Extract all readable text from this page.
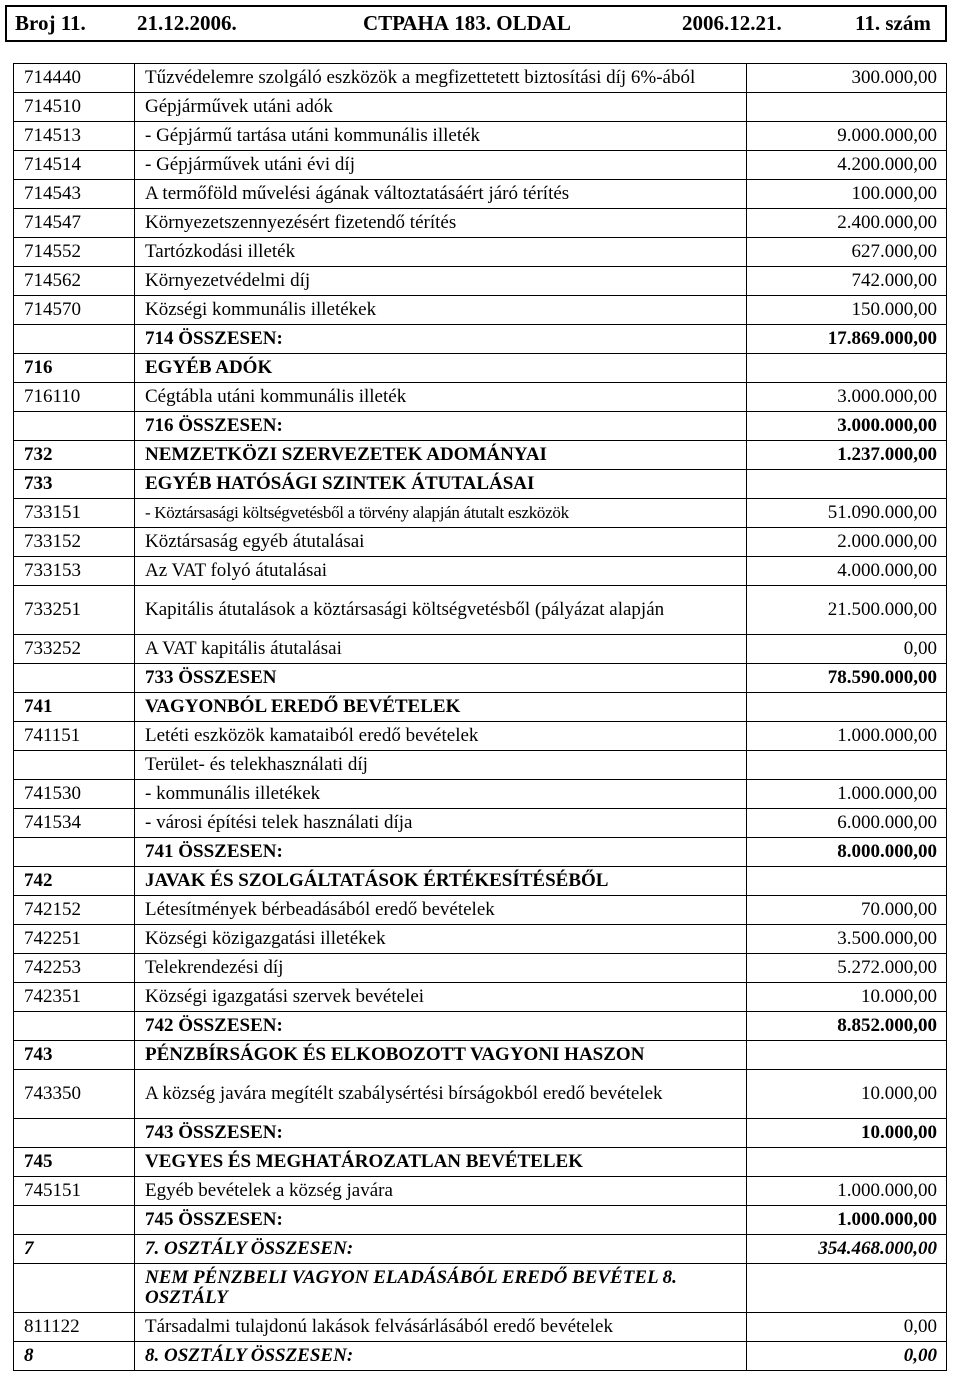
Broj 11. 21.12.2006.	СТРАНА 183. OLDAL	2006.12.21.	11. szám
714440	Tűzvédelemre szolgáló eszközök a megfizettetett biztosítási díj 6%-ából	300.000,00
714510	Gépjárművek utáni adók	
714513	- Gépjármű tartása utáni kommunális illeték	9.000.000,00
714514	- Gépjárművek utáni évi díj	4.200.000,00
714543	A termőföld művelési ágának változtatásáért járó térítés	100.000,00
714547	Környezetszennyezésért fizetendő térítés	2.400.000,00
714552	Tartózkodási illeték	627.000,00
714562	Környezetvédelmi díj	742.000,00
714570	Községi kommunális illetékek	150.000,00
	714 ÖSSZESEN:	17.869.000,00
716	EGYÉB ADÓK	
716110	Cégtábla utáni kommunális illeték	3.000.000,00
	716 ÖSSZESEN:	3.000.000,00
732	NEMZETKÖZI SZERVEZETEK ADOMÁNYAI	1.237.000,00
733	EGYÉB HATÓSÁGI SZINTEK ÁTUTALÁSAI	
733151	- Köztársasági költségvetésből a törvény alapján átutalt eszközök	51.090.000,00
733152	Köztársaság egyéb átutalásai	2.000.000,00
733153	Az VAT folyó átutalásai	4.000.000,00
733251	Kapitális átutalások a köztársasági költségvetésből (pályázat alapján	21.500.000,00
733252	A VAT kapitális átutalásai	0,00
	733 ÖSSZESEN	78.590.000,00
741	VAGYONBÓL EREDŐ BEVÉTELEK	
741151	Letéti eszközök kamataiból eredő bevételek	1.000.000,00
	Terület- és telekhasználati díj	
741530	- kommunális illetékek	1.000.000,00
741534	- városi építési telek használati díja	6.000.000,00
	741 ÖSSZESEN:	8.000.000,00
742	JAVAK ÉS SZOLGÁLTATÁSOK ÉRTÉKESÍTÉSÉBŐL	
742152	Létesítmények bérbeadásából eredő bevételek	70.000,00
742251	Községi közigazgatási illetékek	3.500.000,00
742253	Telekrendezési díj	5.272.000,00
742351	Községi igazgatási szervek bevételei	10.000,00
	742 ÖSSZESEN:	8.852.000,00
743	PÉNZBÍRSÁGOK ÉS ELKOBOZOTT VAGYONI HASZON	
743350	A község javára megítélt szabálysértési bírságokból eredő bevételek	10.000,00
	743 ÖSSZESEN:	10.000,00
745	VEGYES ÉS MEGHATÁROZATLAN BEVÉTELEK	
745151	Egyéb bevételek a község javára	1.000.000,00
	745 ÖSSZESEN:	1.000.000,00
7	7. OSZTÁLY ÖSSZESEN:	354.468.000,00
	NEM PÉNZBELI VAGYON ELADÁSÁBÓL EREDŐ BEVÉTEL 8. OSZTÁLY	
811122	Társadalmi tulajdonú lakások felvásárlásából eredő bevételek	0,00
8	8. OSZTÁLY ÖSSZESEN:	0,00
